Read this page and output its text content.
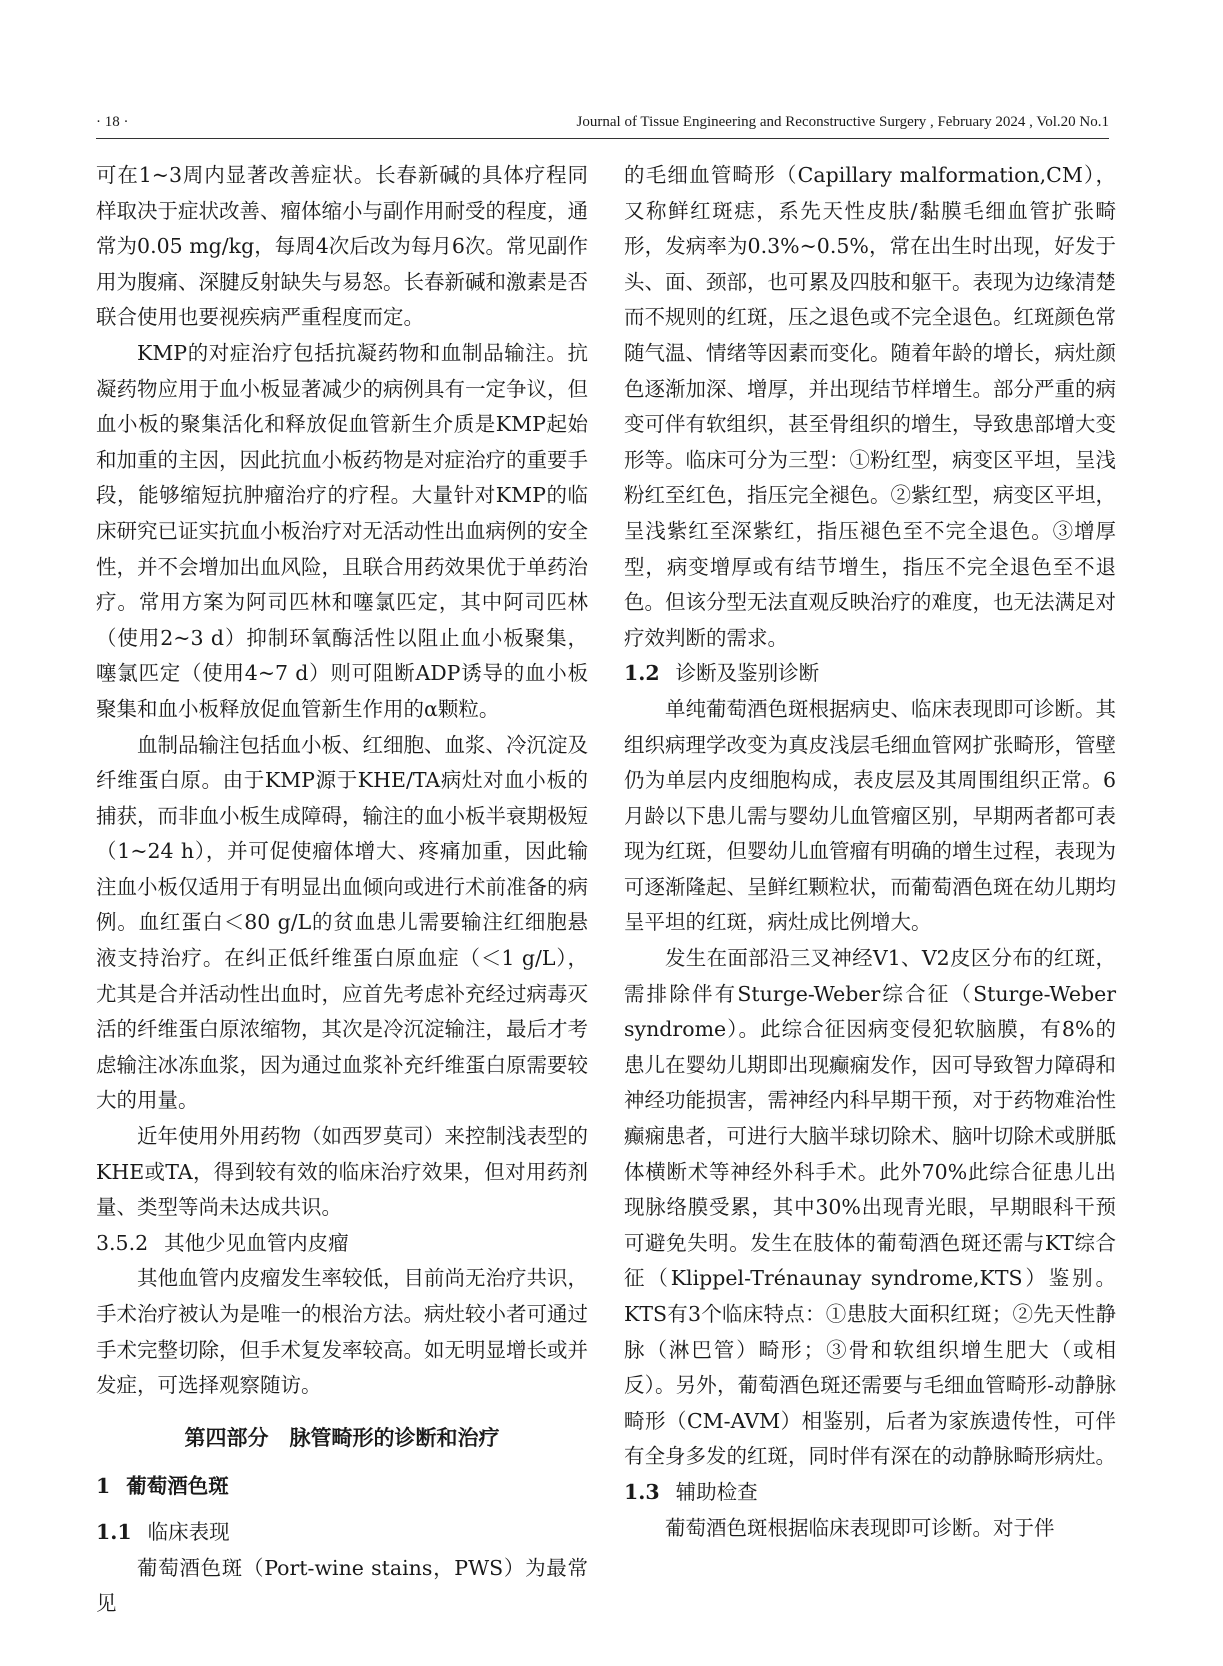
· 18 ·	Journal of Tissue Engineering and Reconstructive Surgery , February 2024 , Vol.20 No.1

可在1~3周内显著改善症状。长春新碱的具体疗程同样取决于症状改善、瘤体缩小与副作用耐受的程度，通常为0.05 mg/kg，每周4次后改为每月6次。常见副作用为腹痛、深腱反射缺失与易怒。长春新碱和激素是否联合使用也要视疾病严重程度而定。

KMP的对症治疗包括抗凝药物和血制品输注。抗凝药物应用于血小板显著减少的病例具有一定争议，但血小板的聚集活化和释放促血管新生介质是KMP起始和加重的主因，因此抗血小板药物是对症治疗的重要手段，能够缩短抗肿瘤治疗的疗程。大量针对KMP的临床研究已证实抗血小板治疗对无活动性出血病例的安全性，并不会增加出血风险，且联合用药效果优于单药治疗。常用方案为阿司匹林和噻氯匹定，其中阿司匹林（使用2~3 d）抑制环氧酶活性以阻止血小板聚集，噻氯匹定（使用4~7 d）则可阻断ADP诱导的血小板聚集和血小板释放促血管新生作用的α颗粒。

血制品输注包括血小板、红细胞、血浆、冷沉淀及纤维蛋白原。由于KMP源于KHE/TA病灶对血小板的捕获，而非血小板生成障碍，输注的血小板半衰期极短（1~24 h），并可促使瘤体增大、疼痛加重，因此输注血小板仅适用于有明显出血倾向或进行术前准备的病例。血红蛋白＜80 g/L的贫血患儿需要输注红细胞悬液支持治疗。在纠正低纤维蛋白原血症（＜1 g/L），尤其是合并活动性出血时，应首先考虑补充经过病毒灭活的纤维蛋白原浓缩物，其次是冷沉淀输注，最后才考虑输注冰冻血浆，因为通过血浆补充纤维蛋白原需要较大的用量。

近年使用外用药物（如西罗莫司）来控制浅表型的KHE或TA，得到较有效的临床治疗效果，但对用药剂量、类型等尚未达成共识。

3.5.2 其他少见血管内皮瘤

其他血管内皮瘤发生率较低，目前尚无治疗共识，手术治疗被认为是唯一的根治方法。病灶较小者可通过手术完整切除，但手术复发率较高。如无明显增长或并发症，可选择观察随访。

第四部分　脉管畸形的诊断和治疗
1 葡萄酒色斑
1.1 临床表现

葡萄酒色斑（Port-wine stains，PWS）为最常见

的毛细血管畸形（Capillary malformation,CM），又称鲜红斑痣，系先天性皮肤/黏膜毛细血管扩张畸形，发病率为0.3%~0.5%，常在出生时出现，好发于头、面、颈部，也可累及四肢和躯干。表现为边缘清楚而不规则的红斑，压之退色或不完全退色。红斑颜色常随气温、情绪等因素而变化。随着年龄的增长，病灶颜色逐渐加深、增厚，并出现结节样增生。部分严重的病变可伴有软组织，甚至骨组织的增生，导致患部增大变形等。临床可分为三型：①粉红型，病变区平坦，呈浅粉红至红色，指压完全褪色。②紫红型，病变区平坦，呈浅紫红至深紫红，指压褪色至不完全退色。③增厚型，病变增厚或有结节增生，指压不完全退色至不退色。但该分型无法直观反映治疗的难度，也无法满足对疗效判断的需求。

1.2 诊断及鉴别诊断

单纯葡萄酒色斑根据病史、临床表现即可诊断。其组织病理学改变为真皮浅层毛细血管网扩张畸形，管壁仍为单层内皮细胞构成，表皮层及其周围组织正常。6月龄以下患儿需与婴幼儿血管瘤区别，早期两者都可表现为红斑，但婴幼儿血管瘤有明确的增生过程，表现为可逐渐隆起、呈鲜红颗粒状，而葡萄酒色斑在幼儿期均呈平坦的红斑，病灶成比例增大。

发生在面部沿三叉神经V1、V2皮区分布的红斑，需排除伴有Sturge-Weber综合征（Sturge-Weber syndrome）。此综合征因病变侵犯软脑膜，有8%的患儿在婴幼儿期即出现癫痫发作，因可导致智力障碍和神经功能损害，需神经内科早期干预，对于药物难治性癫痫患者，可进行大脑半球切除术、脑叶切除术或胼胝体横断术等神经外科手术。此外70%此综合征患儿出现脉络膜受累，其中30%出现青光眼，早期眼科干预可避免失明。发生在肢体的葡萄酒色斑还需与KT综合征（Klippel-Trénaunay syndrome,KTS）鉴别。KTS有3个临床特点：①患肢大面积红斑；②先天性静脉（淋巴管）畸形；③骨和软组织增生肥大（或相反）。另外，葡萄酒色斑还需要与毛细血管畸形-动静脉畸形（CM-AVM）相鉴别，后者为家族遗传性，可伴有全身多发的红斑，同时伴有深在的动静脉畸形病灶。

1.3 辅助检查

葡萄酒色斑根据临床表现即可诊断。对于伴
